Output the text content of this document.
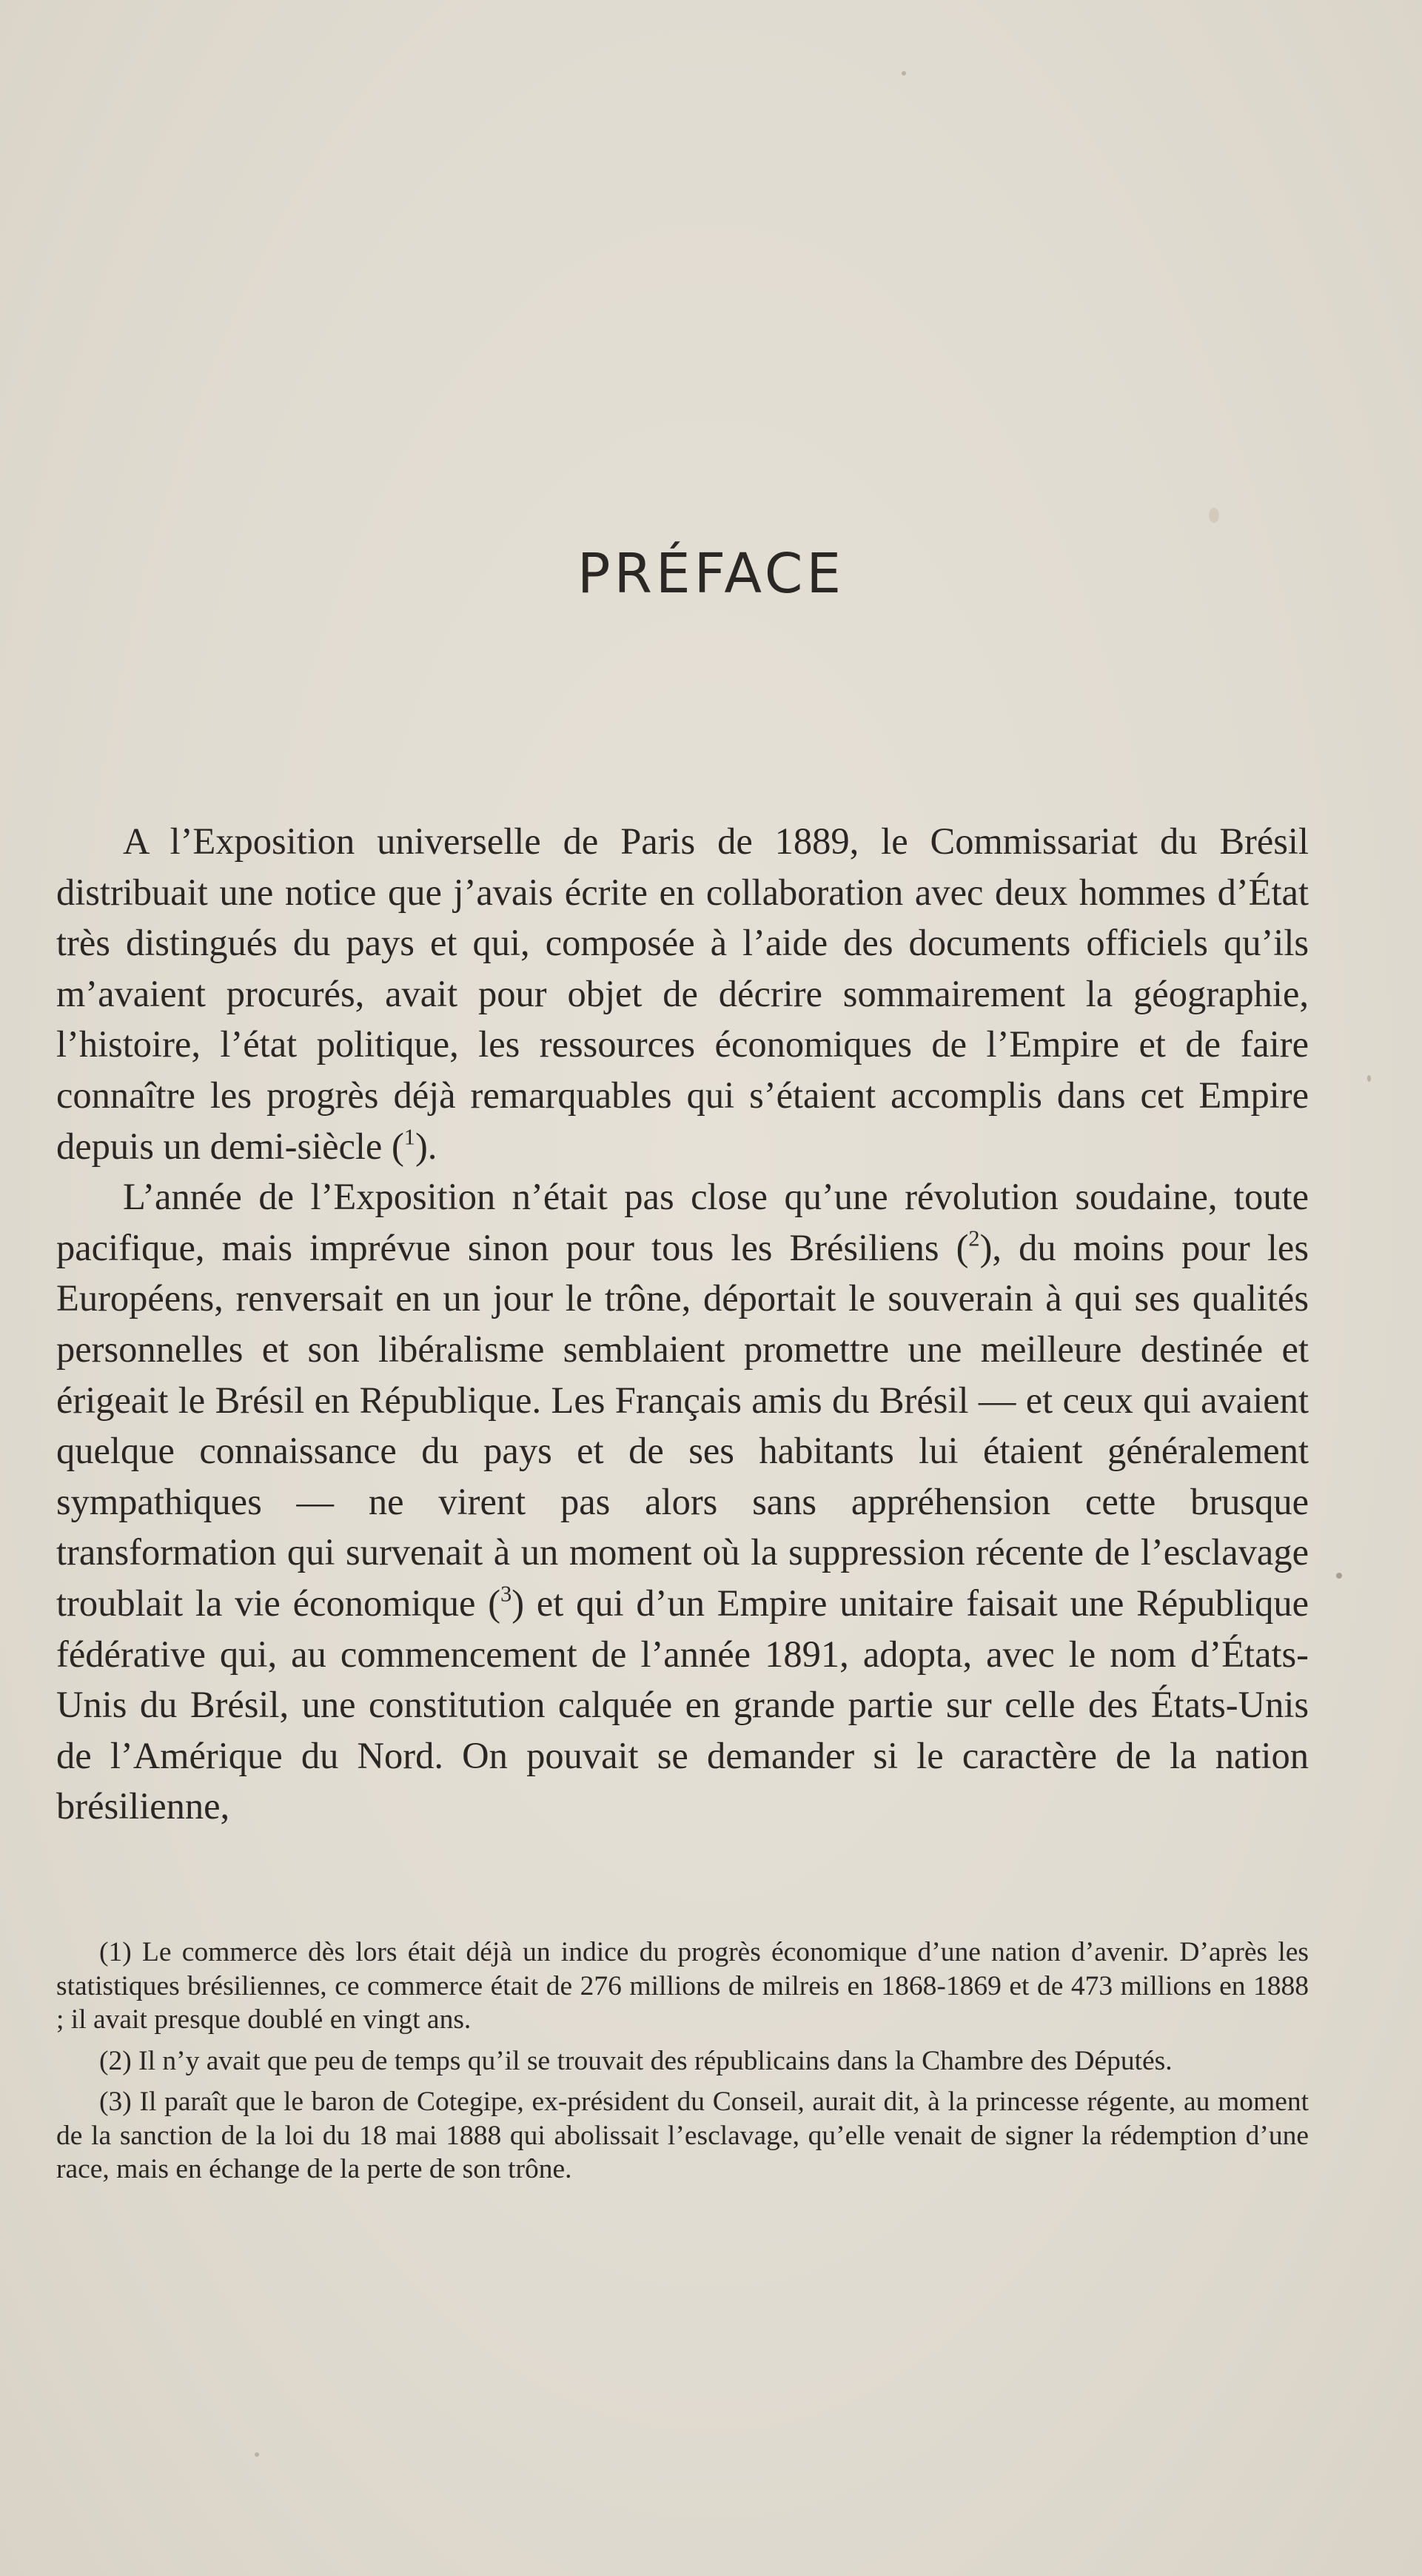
PRÉFACE

A l’Exposition universelle de Paris de 1889, le Commissariat du Brésil distribuait une notice que j’avais écrite en collaboration avec deux hommes d’État très distingués du pays et qui, composée à l’aide des documents officiels qu’ils m’avaient procurés, avait pour objet de décrire sommairement la géographie, l’histoire, l’état politique, les ressources économiques de l’Empire et de faire connaître les progrès déjà remarquables qui s’étaient accomplis dans cet Empire depuis un demi-siècle ($^1$).

L’année de l’Exposition n’était pas close qu’une révolution soudaine, toute pacifique, mais imprévue sinon pour tous les Brésiliens ($^2$), du moins pour les Européens, renversait en un jour le trône, déportait le souverain à qui ses qualités personnelles et son libéralisme semblaient promettre une meilleure destinée et érigeait le Brésil en République. Les Français amis du Brésil — et ceux qui avaient quelque connaissance du pays et de ses habitants lui étaient généralement sympathiques — ne virent pas alors sans appréhension cette brusque transformation qui survenait à un moment où la suppression récente de l’esclavage troublait la vie économique ($^3$) et qui d’un Empire unitaire faisait une République fédérative qui, au commencement de l’année 1891, adopta, avec le nom d’États-Unis du Brésil, une constitution calquée en grande partie sur celle des États-Unis de l’Amérique du Nord. On pouvait se demander si le caractère de la nation brésilienne,

(1) Le commerce dès lors était déjà un indice du progrès économique d’une nation d’avenir. D’après les statistiques brésiliennes, ce commerce était de 276 millions de milreis en 1868-1869 et de 473 millions en 1888 ; il avait presque doublé en vingt ans.

(2) Il n’y avait que peu de temps qu’il se trouvait des républicains dans la Chambre des Députés.

(3) Il paraît que le baron de Cotegipe, ex-président du Conseil, aurait dit, à la princesse régente, au moment de la sanction de la loi du 18 mai 1888 qui abolissait l’esclavage, qu’elle venait de signer la rédemption d’une race, mais en échange de la perte de son trône.
